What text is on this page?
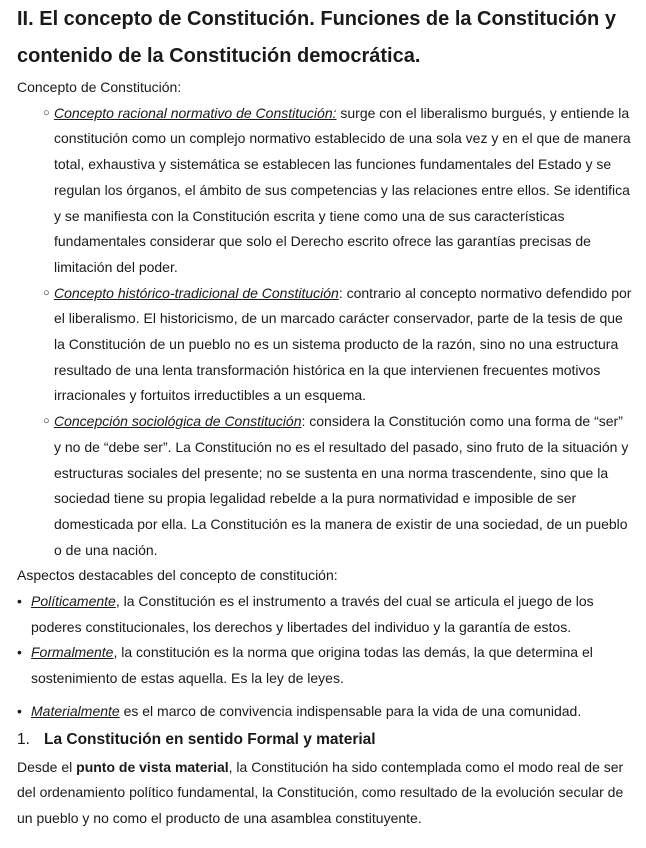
II. El concepto de Constitución. Funciones de la Constitución y contenido de la Constitución democrática.

Concepto de Constitución:

○ Concepto racional normativo de Constitución: surge con el liberalismo burgués, y entiende la constitución como un complejo normativo establecido de una sola vez y en el que de manera total, exhaustiva y sistemática se establecen las funciones fundamentales del Estado y se regulan los órganos, el ámbito de sus competencias y las relaciones entre ellos. Se identifica y se manifiesta con la Constitución escrita y tiene como una de sus características fundamentales considerar que solo el Derecho escrito ofrece las garantías precisas de limitación del poder.
○ Concepto histórico-tradicional de Constitución: contrario al concepto normativo defendido por el liberalismo. El historicismo, de un marcado carácter conservador, parte de la tesis de que la Constitución de un pueblo no es un sistema producto de la razón, sino no una estructura resultado de una lenta transformación histórica en la que intervienen frecuentes motivos irracionales y fortuitos irreductibles a un esquema.
○ Concepción sociológica de Constitución: considera la Constitución como una forma de “ser” y no de “debe ser”. La Constitución no es el resultado del pasado, sino fruto de la situación y estructuras sociales del presente; no se sustenta en una norma trascendente, sino que la sociedad tiene su propia legalidad rebelde a la pura normatividad e imposible de ser domesticada por ella. La Constitución es la manera de existir de una sociedad, de un pueblo o de una nación.

Aspectos destacables del concepto de constitución:

• Políticamente, la Constitución es el instrumento a través del cual se articula el juego de los poderes constitucionales, los derechos y libertades del individuo y la garantía de estos.
• Formalmente, la constitución es la norma que origina todas las demás, la que determina el sostenimiento de estas aquella. Es la ley de leyes.
• Materialmente es el marco de convivencia indispensable para la vida de una comunidad.
1. La Constitución en sentido Formal y material

Desde el punto de vista material, la Constitución ha sido contemplada como el modo real de ser del ordenamiento político fundamental, la Constitución, como resultado de la evolución secular de un pueblo y no como el producto de una asamblea constituyente.
